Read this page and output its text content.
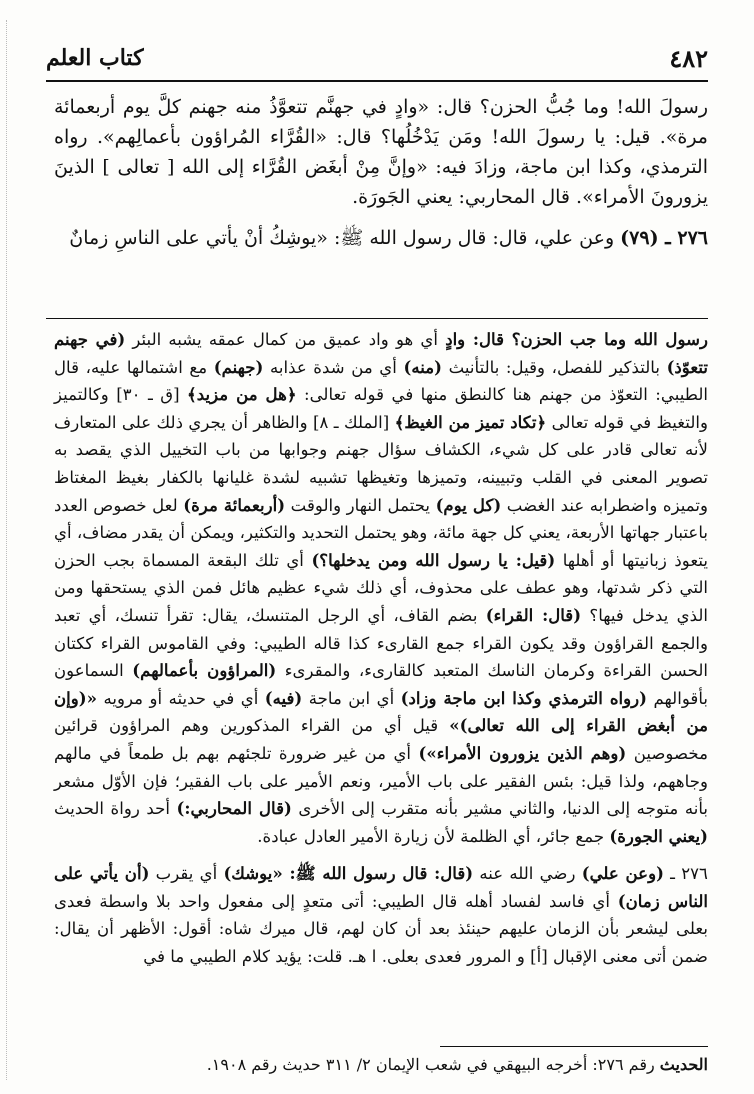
٤٨٢
كتاب العلم

رسولَ الله! وما جُبُّ الحزن؟ قال: «وادٍ في جهنَّم تتعوَّذُ منه جهنم كلَّ يوم أربعمائة مرة». قيل: يا رسولَ الله! ومَن يَدْخُلُها؟ قال: «القُرَّاء المُراؤون بأعمالِهم». رواه الترمذي، وكذا ابن ماجة، وزادَ فيه: «وإنَّ مِنْ أبغَض القُرَّاء إلى الله [ تعالى ] الذينَ يزورونَ الأمراء». قال المحاربي: يعني الجَورَة.

٢٧٦ ـ (٧٩) وعن علي، قال: قال رسول الله ﷺ: «يوشِكُ أنْ يأتي على الناسِ زمانٌ

رسول الله وما جب الحزن؟ قال: وادٍ أي هو واد عميق من كمال عمقه يشبه البئر (في جهنم تتعوّذ) بالتذكير للفصل، وقيل: بالتأنيث (منه) أي من شدة عذابه (جهنم) مع اشتمالها عليه، قال الطيبي: التعوّذ من جهنم هنا كالنطق منها في قوله تعالى: ﴿هل من مزيد﴾ [ق ـ ٣٠] وكالتميز والتغيظ في قوله تعالى ﴿تكاد تميز من الغيظ﴾ [الملك ـ ٨] والظاهر أن يجري ذلك على المتعارف لأنه تعالى قادر على كل شيء، الكشاف سؤال جهنم وجوابها من باب التخييل الذي يقصد به تصوير المعنى في القلب وتبيينه، وتميزها وتغيظها تشبيه لشدة غليانها بالكفار بغيظ المغتاظ وتميزه واضطرابه عند الغضب (كل يوم) يحتمل النهار والوقت (أربعمائة مرة) لعل خصوص العدد باعتبار جهاتها الأربعة، يعني كل جهة مائة، وهو يحتمل التحديد والتكثير، ويمكن أن يقدر مضاف، أي يتعوذ زبانيتها أو أهلها (قيل: يا رسول الله ومن يدخلها؟) أي تلك البقعة المسماة بجب الحزن التي ذكر شدتها، وهو عطف على محذوف، أي ذلك شيء عظيم هائل فمن الذي يستحقها ومن الذي يدخل فيها؟ (قال: القراء) بضم القاف، أي الرجل المتنسك، يقال: تقرأ تنسك، أي تعبد والجمع القراؤون وقد يكون القراء جمع القارىء كذا قاله الطيبي: وفي القاموس القراء ككتان الحسن القراءة وكرمان الناسك المتعبد كالقارىء، والمقرىء (المراؤون بأعمالهم) السماعون بأقوالهم (رواه الترمذي وكذا ابن ماجة وزاد) أي ابن ماجة (فيه) أي في حديثه أو مرويه «(وإن من أبغض القراء إلى الله تعالى)» قيل أي من القراء المذكورين وهم المراؤون قرائين مخصوصين (وهم الذين يزورون الأمراء») أي من غير ضرورة تلجئهم بهم بل طمعاً في مالهم وجاههم، ولذا قيل: بئس الفقير على باب الأمير، ونعم الأمير على باب الفقير؛ فإن الأوّل مشعر بأنه متوجه إلى الدنيا، والثاني مشير بأنه متقرب إلى الأخرى (قال المحاربي:) أحد رواة الحديث (يعني الجورة) جمع جائر، أي الظلمة لأن زيارة الأمير العادل عبادة.

٢٧٦ ـ (وعن علي) رضي الله عنه (قال: قال رسول الله ﷺ: «يوشك) أي يقرب (أن يأتي على الناس زمان) أي فاسد لفساد أهله قال الطيبي: أتى متعدٍ إلى مفعول واحد بلا واسطة فعدى بعلى ليشعر بأن الزمان عليهم حينئذ بعد أن كان لهم، قال ميرك شاه: أقول: الأظهر أن يقال: ضمن أتى معنى الإقبال [أ] و المرور فعدى بعلى. ا هـ. قلت: يؤيد كلام الطيبي ما في

الحديث رقم ٢٧٦: أخرجه البيهقي في شعب الإيمان ٢/ ٣١١ حديث رقم ١٩٠٨.
